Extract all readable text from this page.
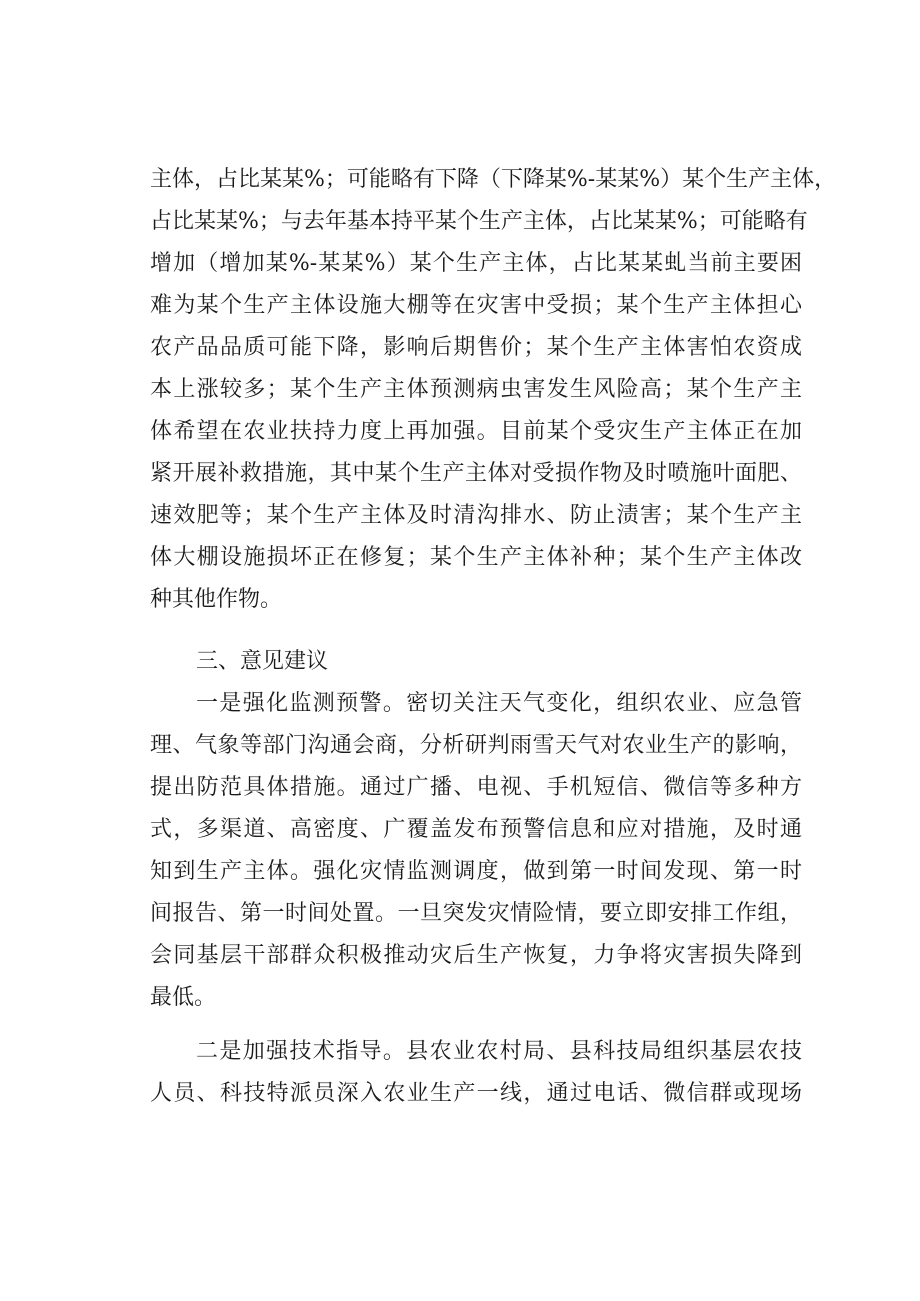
主体，占比某某%；可能略有下降（下降某%-某某%）某个生产主体，
占比某某%；与去年基本持平某个生产主体，占比某某%；可能略有
增加（增加某%-某某%）某个生产主体，占比某某虬当前主要困
难为某个生产主体设施大棚等在灾害中受损；某个生产主体担心
农产品品质可能下降，影响后期售价；某个生产主体害怕农资成
本上涨较多；某个生产主体预测病虫害发生风险高；某个生产主
体希望在农业扶持力度上再加强。目前某个受灾生产主体正在加
紧开展补救措施，其中某个生产主体对受损作物及时喷施叶面肥、
速效肥等；某个生产主体及时清沟排水、防止渍害；某个生产主
体大棚设施损坏正在修复；某个生产主体补种；某个生产主体改
种其他作物。
三、意见建议
一是强化监测预警。密切关注天气变化，组织农业、应急管
理、气象等部门沟通会商，分析研判雨雪天气对农业生产的影响，
提出防范具体措施。通过广播、电视、手机短信、微信等多种方
式，多渠道、高密度、广覆盖发布预警信息和应对措施，及时通
知到生产主体。强化灾情监测调度，做到第一时间发现、第一时
间报告、第一时间处置。一旦突发灾情险情，要立即安排工作组，
会同基层干部群众积极推动灾后生产恢复，力争将灾害损失降到
最低。
二是加强技术指导。县农业农村局、县科技局组织基层农技
人员、科技特派员深入农业生产一线，通过电话、微信群或现场
